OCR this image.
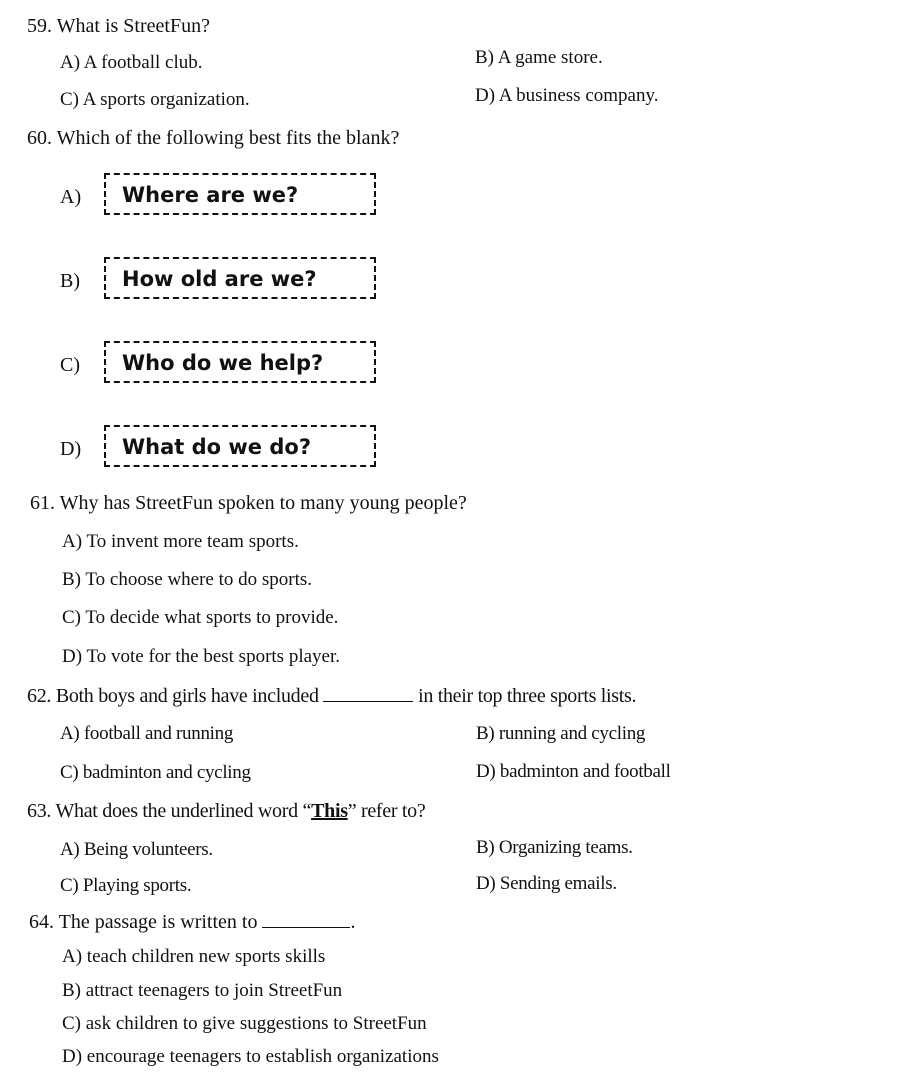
59. What is StreetFun?
A) A football club.	B) A game store.
C) A sports organization.	D) A business company.
60. Which of the following best fits the blank?
A) Where are we?
B) How old are we?
C) Who do we help?
D) What do we do?
61. Why has StreetFun spoken to many young people?
A) To invent more team sports.
B) To choose where to do sports.
C) To decide what sports to provide.
D) To vote for the best sports player.
62. Both boys and girls have included	in their top three sports lists.
A) football and running	B) running and cycling
C) badminton and cycling	D) badminton and football
63. What does the underlined word “This” refer to?
A) Being volunteers.	B) Organizing teams.
C) Playing sports.	D) Sending emails.
64. The passage is written to	.
A) teach children new sports skills
B) attract teenagers to join StreetFun
C) ask children to give suggestions to StreetFun
D) encourage teenagers to establish organizations
